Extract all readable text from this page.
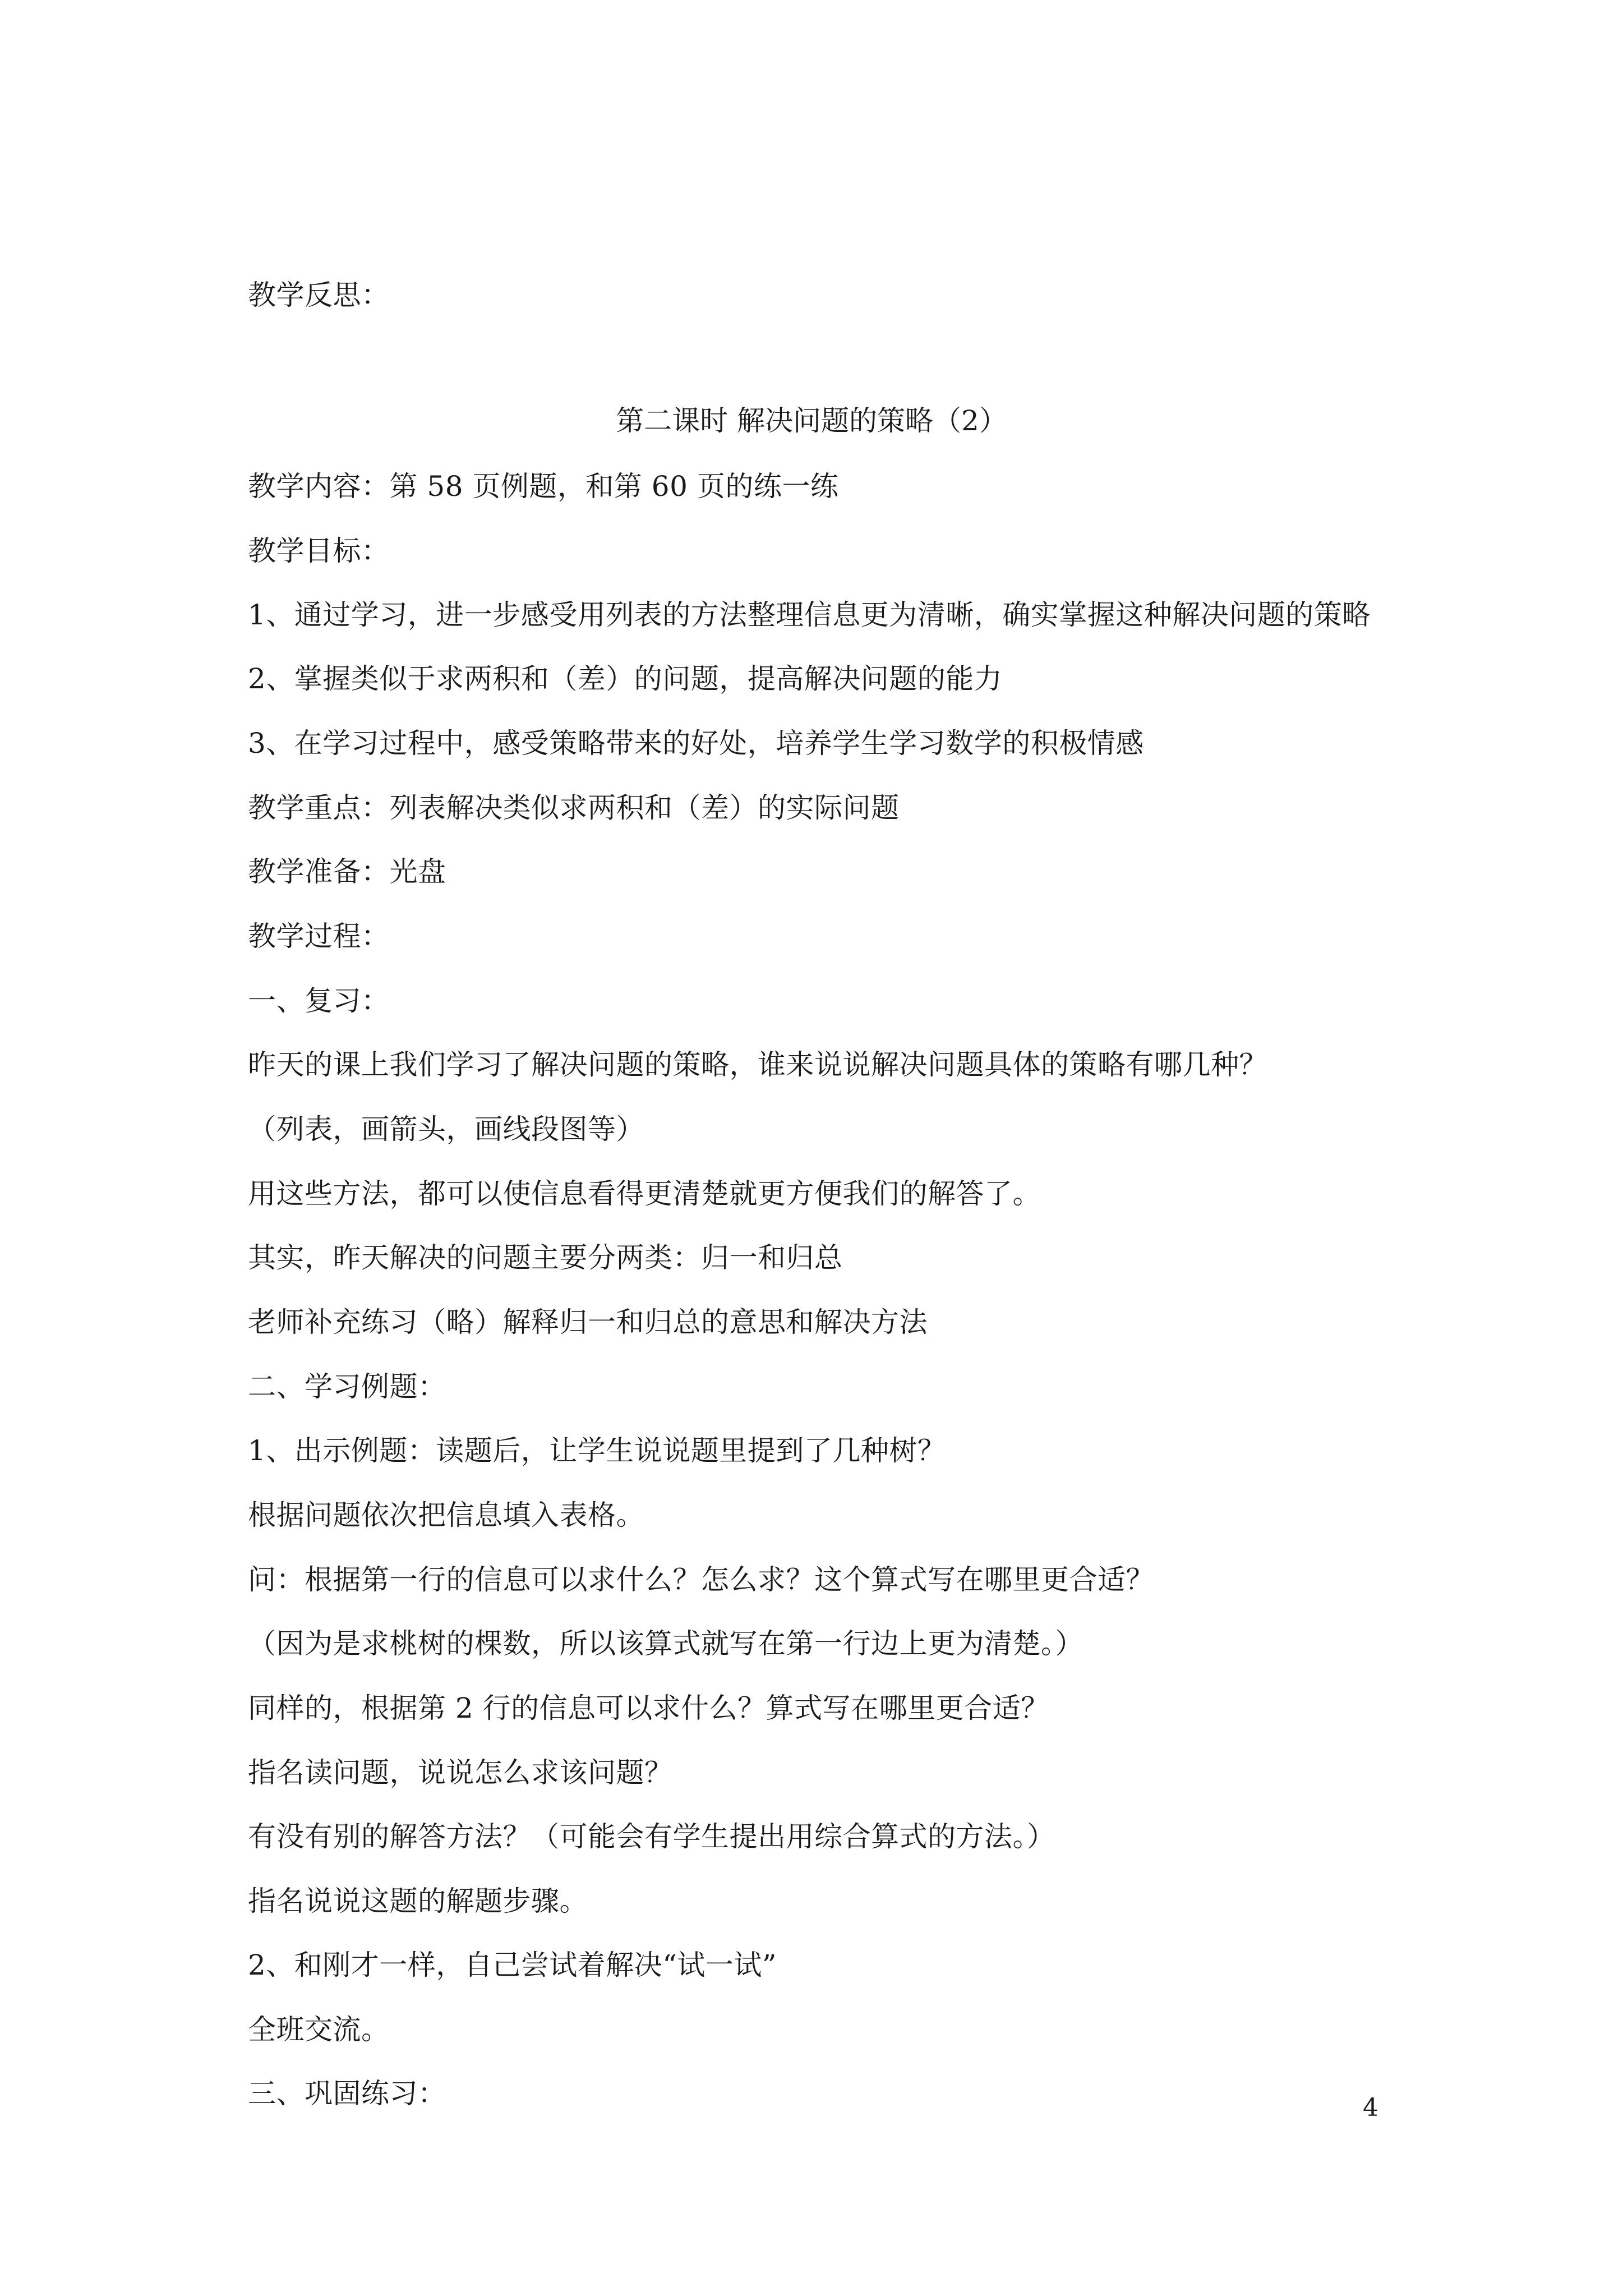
教学反思：
第二课时 解决问题的策略（2）
教学内容：第 58 页例题，和第 60 页的练一练
教学目标：
1、通过学习，进一步感受用列表的方法整理信息更为清晰，确实掌握这种解决问题的策略
2、掌握类似于求两积和（差）的问题，提高解决问题的能力
3、在学习过程中，感受策略带来的好处，培养学生学习数学的积极情感
教学重点：列表解决类似求两积和（差）的实际问题
教学准备：光盘
教学过程：
一、复习：
昨天的课上我们学习了解决问题的策略，谁来说说解决问题具体的策略有哪几种？
（列表，画箭头，画线段图等）
用这些方法，都可以使信息看得更清楚就更方便我们的解答了。
其实，昨天解决的问题主要分两类：归一和归总
老师补充练习（略）解释归一和归总的意思和解决方法
二、学习例题：
1、出示例题：读题后，让学生说说题里提到了几种树？
根据问题依次把信息填入表格。
问：根据第一行的信息可以求什么？怎么求？这个算式写在哪里更合适？
（因为是求桃树的棵数，所以该算式就写在第一行边上更为清楚。）
同样的，根据第 2 行的信息可以求什么？算式写在哪里更合适？
指名读问题，说说怎么求该问题？
有没有别的解答方法？（可能会有学生提出用综合算式的方法。）
指名说说这题的解题步骤。
2、和刚才一样，自己尝试着解决“试一试”
全班交流。
三、巩固练习：	4
